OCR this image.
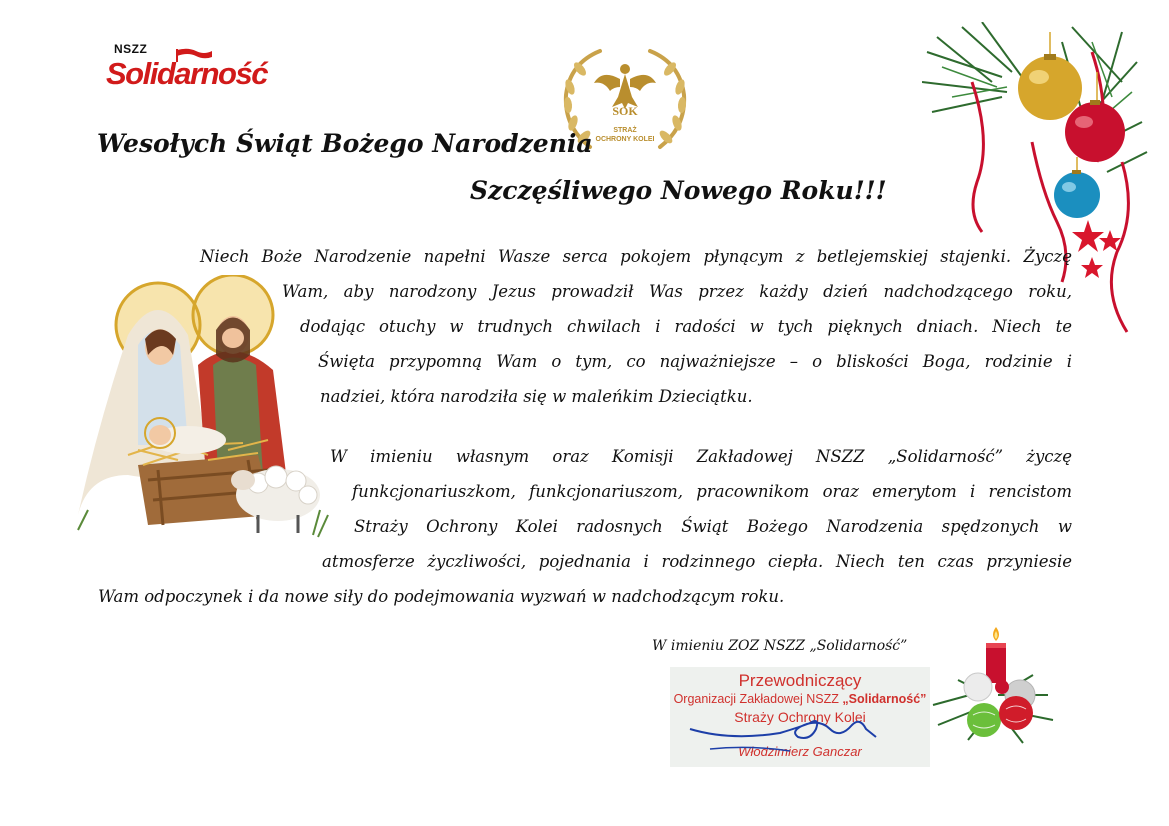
NSZZ
Solidarność
SOK
STRAŻ
OCHRONY KOLEI
Wesołych Świąt Bożego Narodzenia
Szczęśliwego Nowego Roku!!!
Niech Boże Narodzenie napełni Wasze serca pokojem płynącym z betlejemskiej stajenki. Życzę
Wam, aby narodzony Jezus prowadził Was przez każdy dzień nadchodzącego roku,
dodając otuchy w trudnych chwilach i radości w tych pięknych dniach. Niech te
Święta przypomną Wam o tym, co najważniejsze – o bliskości Boga, rodzinie i
nadziei, która narodziła się w maleńkim Dzieciątku.
W imieniu własnym oraz Komisji Zakładowej NSZZ „Solidarność” życzę
funkcjonariuszkom, funkcjonariuszom, pracownikom oraz emerytom i rencistom
Straży Ochrony Kolei radosnych Świąt Bożego Narodzenia spędzonych w
atmosferze życzliwości, pojednania i rodzinnego ciepła. Niech ten czas przyniesie
Wam odpoczynek i da nowe siły do podejmowania wyzwań w nadchodzącym roku.
W imieniu ZOZ NSZZ „Solidarność”
Przewodniczący
Organizacji Zakładowej NSZZ „Solidarność”
Straży Ochrony Kolei
Włodzimierz Ganczar
